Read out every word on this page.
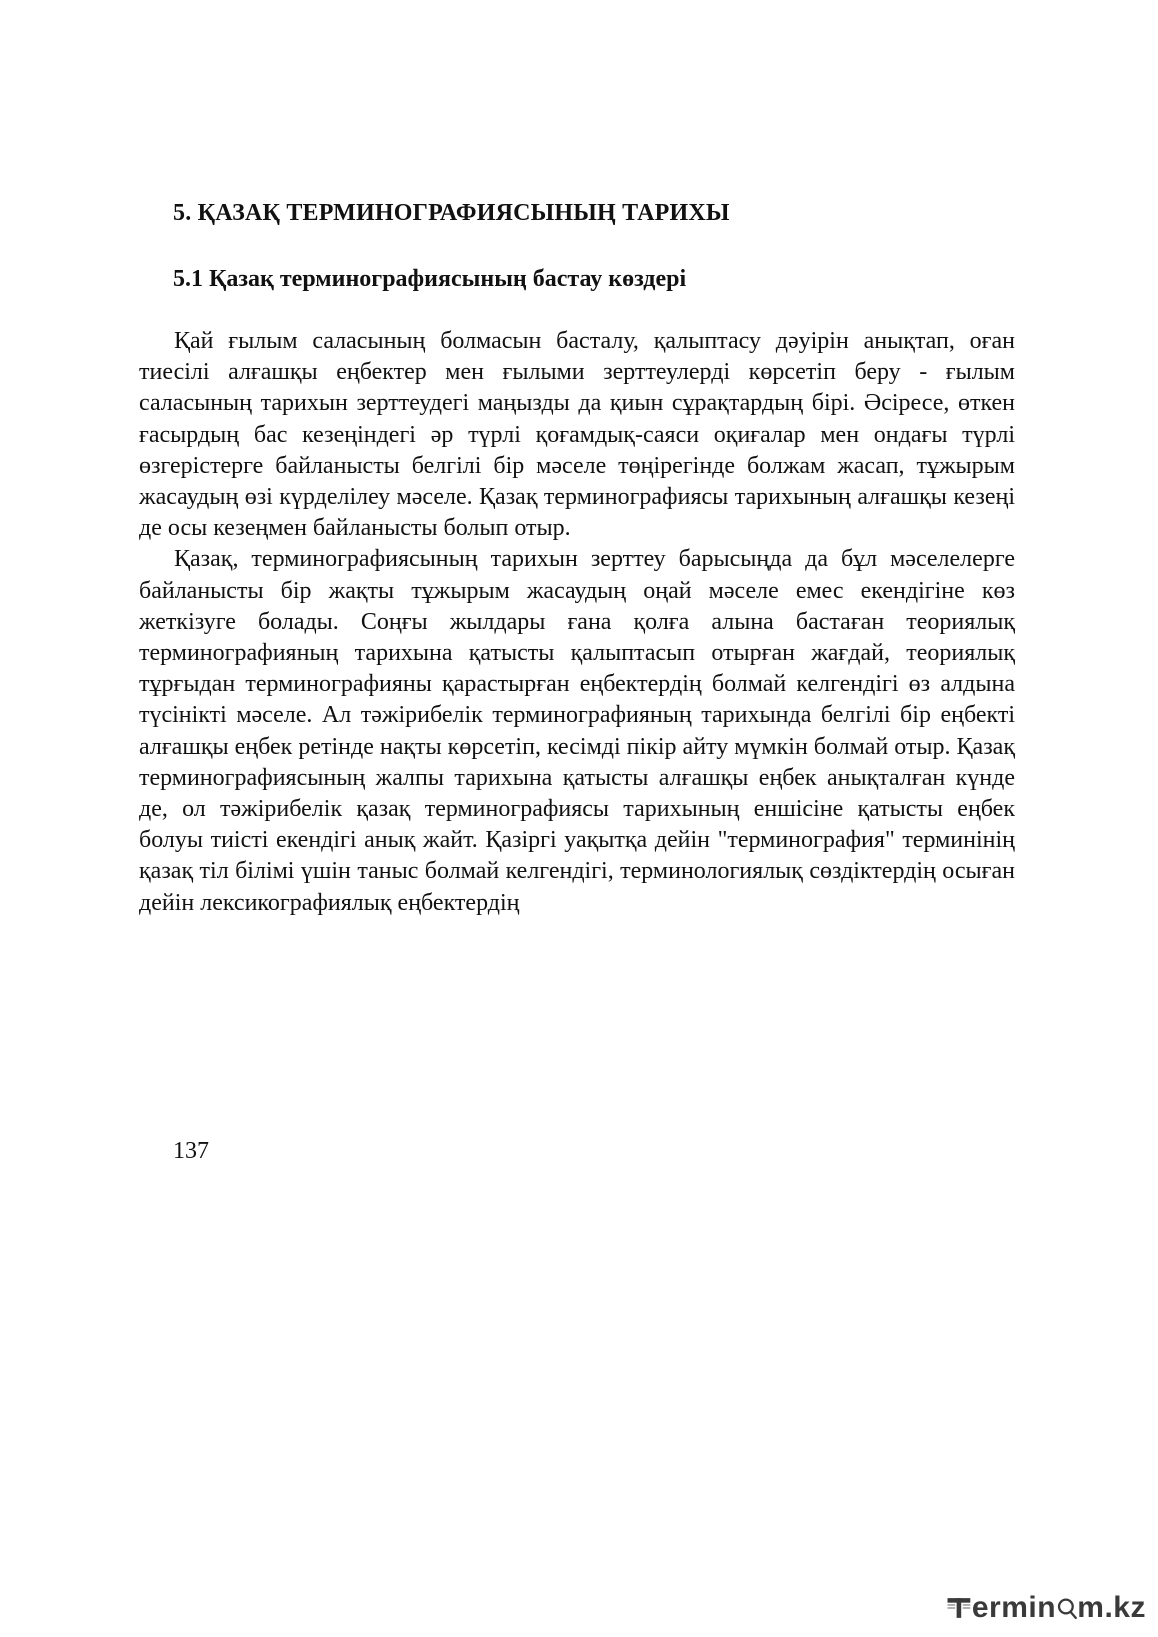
5. ҚАЗАҚ ТЕРМИНОГРАФИЯСЫНЫҢ ТАРИХЫ
5.1 Қазақ терминографиясының бастау көздері

Қай ғылым саласының болмасын басталу, қалыптасу дәуірін анықтап, оған тиесілі алғашқы еңбектер мен ғылыми зерттеулерді көрсетіп беру - ғылым саласының тарихын зерттеудегі маңызды да қиын сұрақтардың бірі. Әсіресе, өткен ғасырдың бас кезеңіндегі әр түрлі қоғамдық-саяси оқиғалар мен ондағы түрлі өзгерістерге байланысты белгілі бір мәселе төңірегінде болжам жасап, тұжырым жасаудың өзі күрделілеу мәселе. Қазақ терминографиясы тарихының алғашқы кезеңі де осы кезеңмен байланысты болып отыр.

Қазақ, терминографиясының тарихын зерттеу барысыңда да бұл мәселелерге байланысты бір жақты тұжырым жасаудың оңай мәселе емес екендігіне көз жеткізуге болады. Соңғы жылдары ғана қолға алына бастаған теориялық терминографияның тарихына қатысты қалыптасып отырған жағдай, теориялық тұрғыдан терминографияны қарастырған еңбектердің болмай келгендігі өз алдына түсінікті мәселе. Ал тәжірибелік терминографияның тарихында белгілі бір еңбекті алғашқы еңбек ретінде нақты көрсетіп, кесімді пікір айту мүмкін болмай отыр. Қазақ терминографиясының жалпы тарихына қатысты алғашқы еңбек анықталған күнде де, ол тәжірибелік қазақ терминографиясы тарихының еншісіне қатысты еңбек болуы тиісті екендігі анық жайт. Қазіргі уақытқа дейін "терминография" терминінің қазақ тіл білімі үшін таныс болмай келгендігі, терминологиялық сөздіктердің осыған дейін лексикографиялық еңбектердің

137

ermin m.kz
